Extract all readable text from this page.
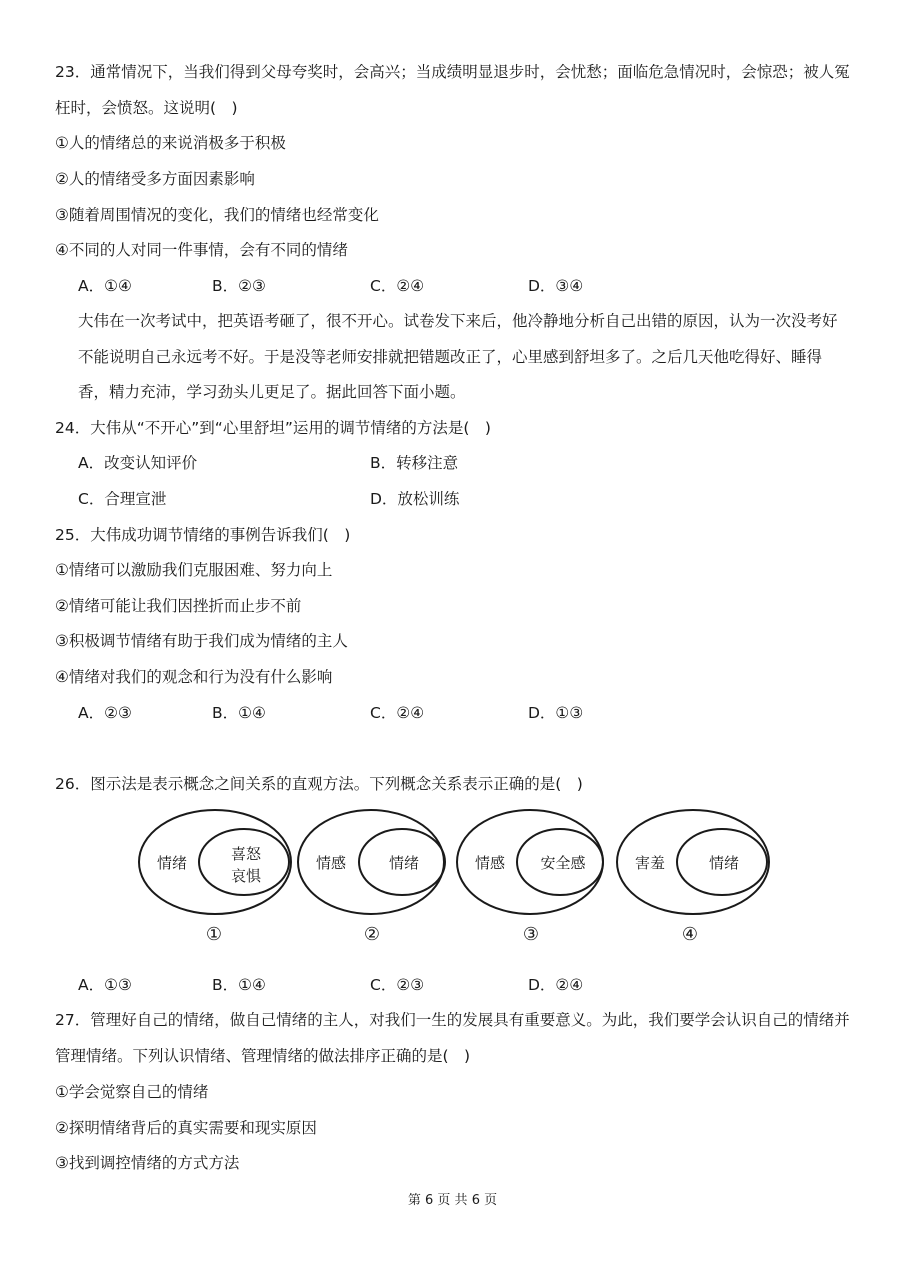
23．通常情况下，当我们得到父母夸奖时，会高兴；当成绩明显退步时，会忧愁；面临危急情况时，会惊恐；被人冤枉时，会愤怒。这说明(　)
①人的情绪总的来说消极多于积极
②人的情绪受多方面因素影响
③随着周围情况的变化，我们的情绪也经常变化
④不同的人对同一件事情，会有不同的情绪
A．①④	B．②③	C．②④	D．③④
大伟在一次考试中，把英语考砸了，很不开心。试卷发下来后，他冷静地分析自己出错的原因，认为一次没考好不能说明自己永远考不好。于是没等老师安排就把错题改正了，心里感到舒坦多了。之后几天他吃得好、睡得香，精力充沛，学习劲头儿更足了。据此回答下面小题。
24．大伟从“不开心”到“心里舒坦”运用的调节情绪的方法是(　)
A．改变认知评价	B．转移注意
C．合理宣泄	D．放松训练
25．大伟成功调节情绪的事例告诉我们(　)
①情绪可以激励我们克服困难、努力向上
②情绪可能让我们因挫折而止步不前
③积极调节情绪有助于我们成为情绪的主人
④情绪对我们的观念和行为没有什么影响
A．②③	B．①④	C．②④	D．①③
26．图示法是表示概念之间关系的直观方法。下列概念关系表示正确的是(　)
情绪	喜怒
哀惧
情感	情绪	情感 安全感	害羞	情绪
①	②	③	④
A．①③	B．①④	C．②③	D．②④
27．管理好自己的情绪，做自己情绪的主人，对我们一生的发展具有重要意义。为此，我们要学会认识自己的情绪并管理情绪。下列认识情绪、管理情绪的做法排序正确的是(　)
①学会觉察自己的情绪
②探明情绪背后的真实需要和现实原因
③找到调控情绪的方式方法
第 6 页 共 6 页
